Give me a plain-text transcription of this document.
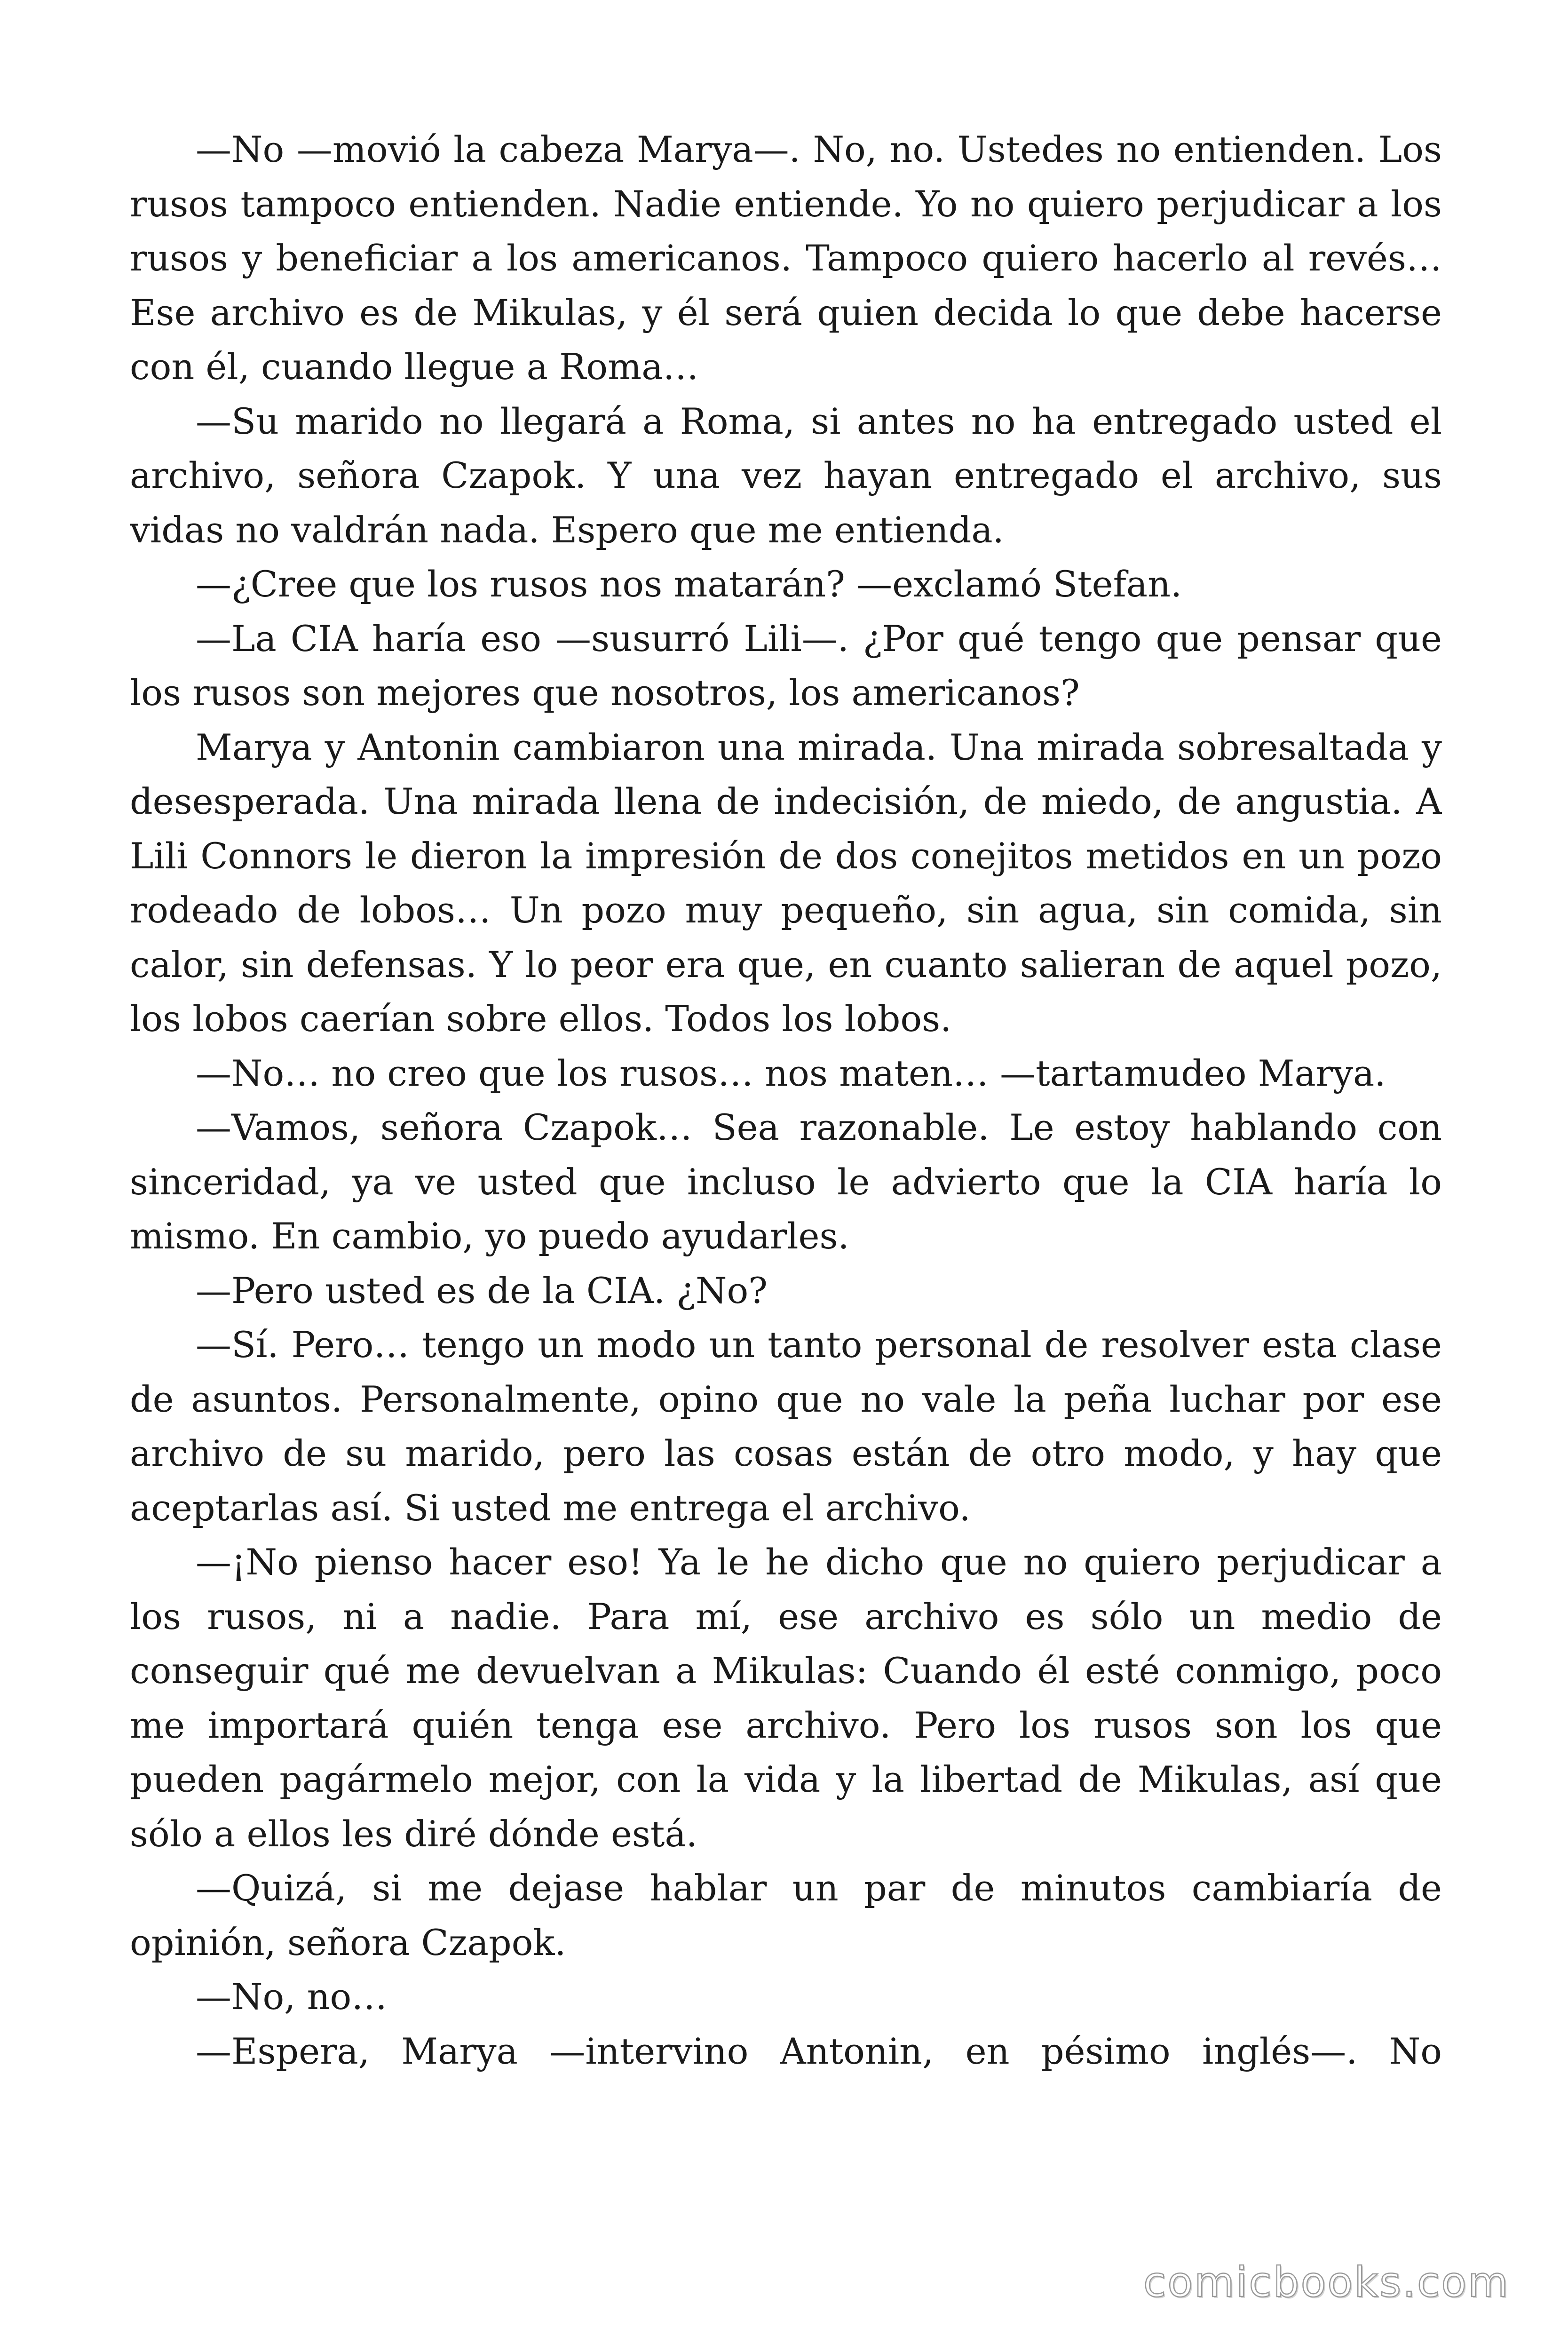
—No —movió la cabeza Marya—. No, no. Ustedes no entienden. Los rusos tampoco entienden. Nadie entiende. Yo no quiero perjudicar a los rusos y beneficiar a los americanos. Tampoco quiero hacerlo al revés… Ese archivo es de Mikulas, y él será quien decida lo que debe hacerse con él, cuando llegue a Roma…

—Su marido no llegará a Roma, si antes no ha entregado usted el archivo, señora Czapok. Y una vez hayan entregado el archivo, sus vidas no valdrán nada. Espero que me entienda.

—¿Cree que los rusos nos matarán? —exclamó Stefan.

—La CIA haría eso —susurró Lili—. ¿Por qué tengo que pensar que los rusos son mejores que nosotros, los americanos?

Marya y Antonin cambiaron una mirada. Una mirada sobresaltada y desesperada. Una mirada llena de indecisión, de miedo, de angustia. A Lili Connors le dieron la impresión de dos conejitos metidos en un pozo rodeado de lobos… Un pozo muy pequeño, sin agua, sin comida, sin calor, sin defensas. Y lo peor era que, en cuanto salieran de aquel pozo, los lobos caerían sobre ellos. Todos los lobos.

—No… no creo que los rusos… nos maten… —tartamudeo Marya.

—Vamos, señora Czapok… Sea razonable. Le estoy hablando con sinceridad, ya ve usted que incluso le advierto que la CIA haría lo mismo. En cambio, yo puedo ayudarles.

—Pero usted es de la CIA. ¿No?

—Sí. Pero… tengo un modo un tanto personal de resolver esta clase de asuntos. Personalmente, opino que no vale la peña luchar por ese archivo de su marido, pero las cosas están de otro modo, y hay que aceptarlas así. Si usted me entrega el archivo.

—¡No pienso hacer eso! Ya le he dicho que no quiero perjudicar a los rusos, ni a nadie. Para mí, ese archivo es sólo un medio de conseguir qué me devuelvan a Mikulas: Cuando él esté conmigo, poco me importará quién tenga ese archivo. Pero los rusos son los que pueden pagármelo mejor, con la vida y la libertad de Mikulas, así que sólo a ellos les diré dónde está.

—Quizá, si me dejase hablar un par de minutos cambiaría de opinión, señora Czapok.

—No, no…

—Espera, Marya —intervino Antonin, en pésimo inglés—. No

comicbooks.com
